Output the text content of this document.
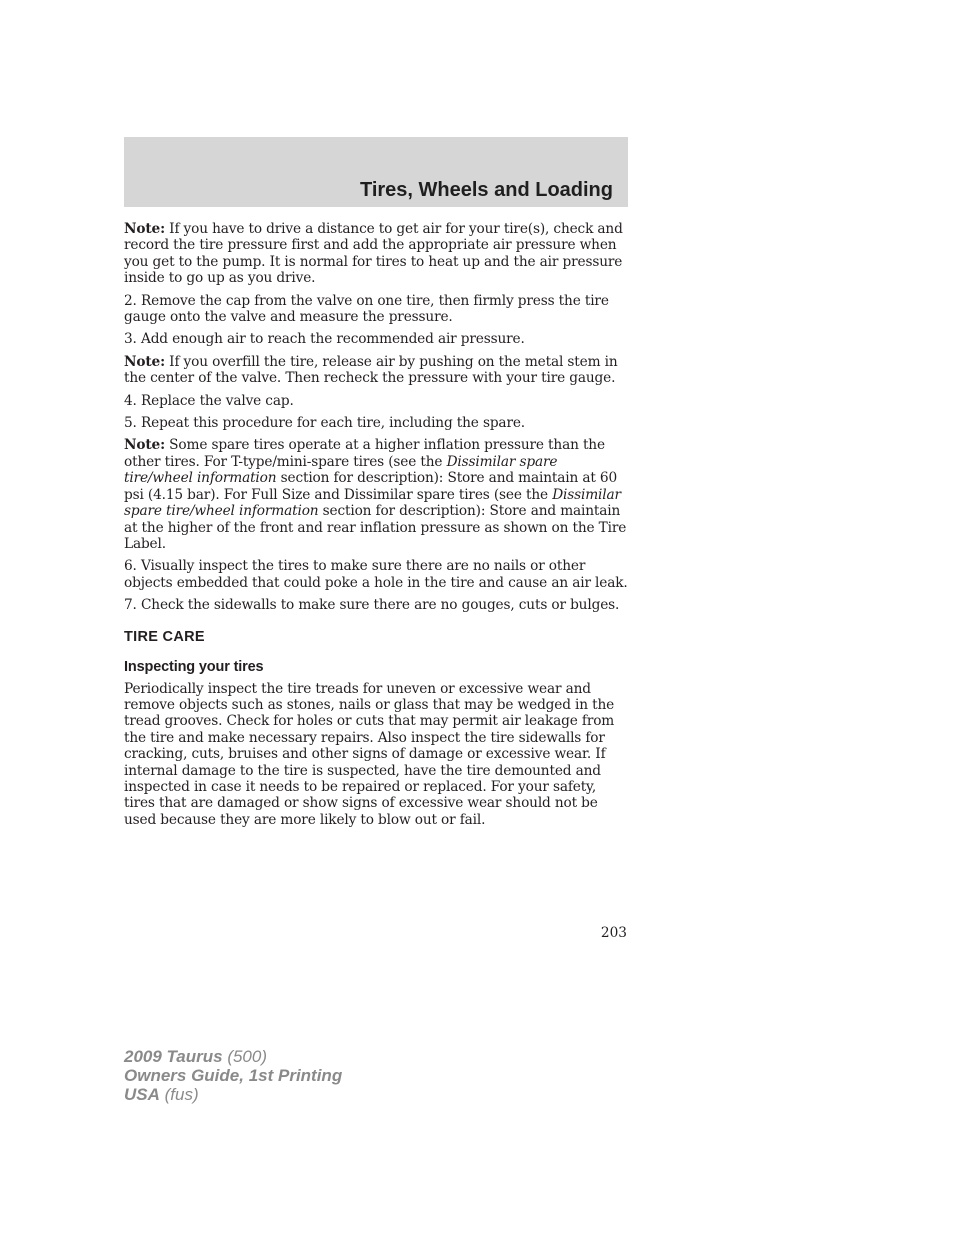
Tires, Wheels and Loading

Note: If you have to drive a distance to get air for your tire(s), check and record the tire pressure first and add the appropriate air pressure when you get to the pump. It is normal for tires to heat up and the air pressure inside to go up as you drive.

2. Remove the cap from the valve on one tire, then firmly press the tire gauge onto the valve and measure the pressure.

3. Add enough air to reach the recommended air pressure.

Note: If you overfill the tire, release air by pushing on the metal stem in the center of the valve. Then recheck the pressure with your tire gauge.

4. Replace the valve cap.

5. Repeat this procedure for each tire, including the spare.

Note: Some spare tires operate at a higher inflation pressure than the other tires. For T-type/mini-spare tires (see the Dissimilar spare tire/wheel information section for description): Store and maintain at 60 psi (4.15 bar). For Full Size and Dissimilar spare tires (see the Dissimilar spare tire/wheel information section for description): Store and maintain at the higher of the front and rear inflation pressure as shown on the Tire Label.

6. Visually inspect the tires to make sure there are no nails or other objects embedded that could poke a hole in the tire and cause an air leak.

7. Check the sidewalls to make sure there are no gouges, cuts or bulges.

TIRE CARE
Inspecting your tires

Periodically inspect the tire treads for uneven or excessive wear and remove objects such as stones, nails or glass that may be wedged in the tread grooves. Check for holes or cuts that may permit air leakage from the tire and make necessary repairs. Also inspect the tire sidewalls for cracking, cuts, bruises and other signs of damage or excessive wear. If internal damage to the tire is suspected, have the tire demounted and inspected in case it needs to be repaired or replaced. For your safety, tires that are damaged or show signs of excessive wear should not be used because they are more likely to blow out or fail.

203
2009 Taurus (500)
Owners Guide, 1st Printing
USA (fus)
